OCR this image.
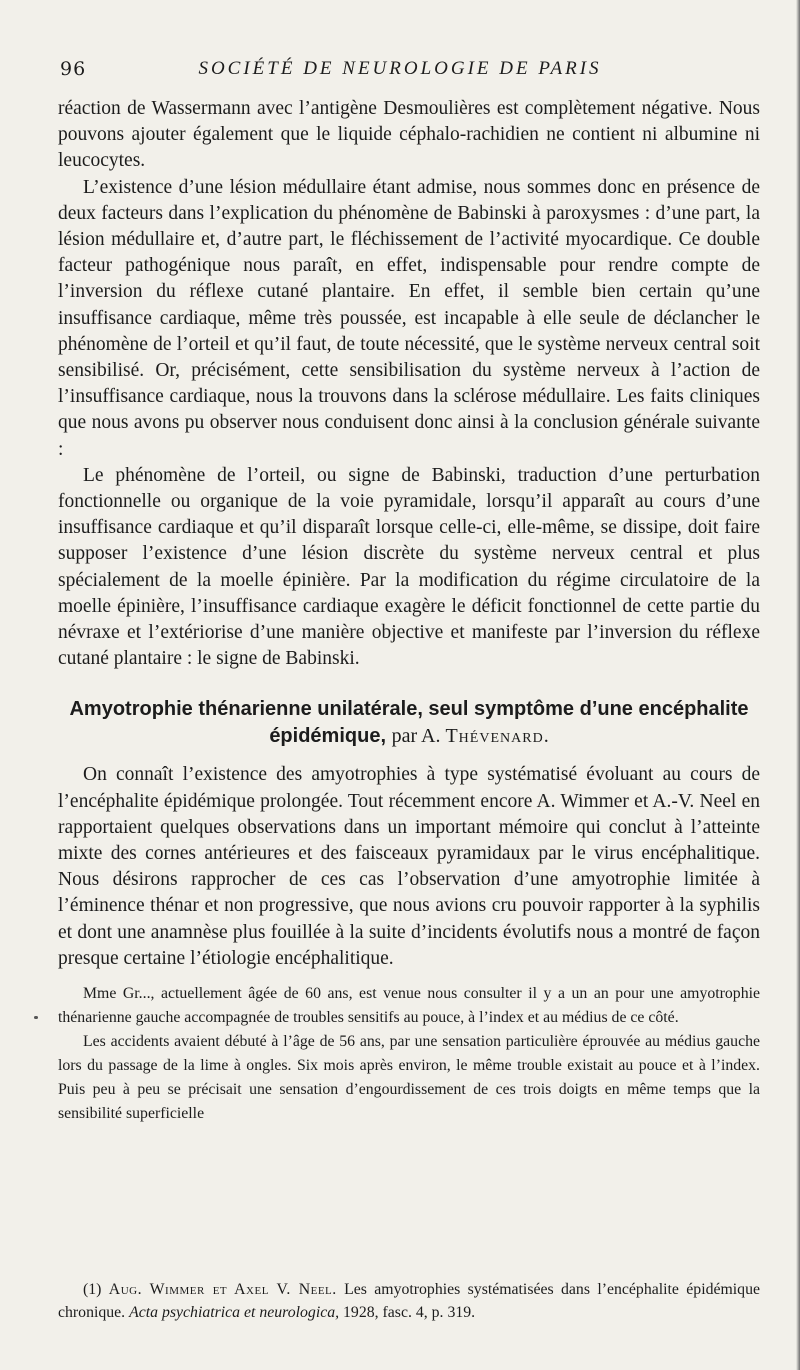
96	SOCIÉTÉ DE NEUROLOGIE DE PARIS

réaction de Wassermann avec l’antigène Desmoulières est complètement négative. Nous pouvons ajouter également que le liquide céphalo-rachidien ne contient ni albumine ni leucocytes.

L’existence d’une lésion médullaire étant admise, nous sommes donc en présence de deux facteurs dans l’explication du phénomène de Babinski à paroxysmes : d’une part, la lésion médullaire et, d’autre part, le fléchissement de l’activité myocardique. Ce double facteur pathogénique nous paraît, en effet, indispensable pour rendre compte de l’inversion du réflexe cutané plantaire. En effet, il semble bien certain qu’une insuffisance cardiaque, même très poussée, est incapable à elle seule de déclancher le phénomène de l’orteil et qu’il faut, de toute nécessité, que le système nerveux central soit sensibilisé. Or, précisément, cette sensibilisation du système nerveux à l’action de l’insuffisance cardiaque, nous la trouvons dans la sclérose médullaire. Les faits cliniques que nous avons pu observer nous conduisent donc ainsi à la conclusion générale suivante :

Le phénomène de l’orteil, ou signe de Babinski, traduction d’une perturbation fonctionnelle ou organique de la voie pyramidale, lorsqu’il apparaît au cours d’une insuffisance cardiaque et qu’il disparaît lorsque celle-ci, elle-même, se dissipe, doit faire supposer l’existence d’une lésion discrète du système nerveux central et plus spécialement de la moelle épinière. Par la modification du régime circulatoire de la moelle épinière, l’insuffisance cardiaque exagère le déficit fonctionnel de cette partie du névraxe et l’extériorise d’une manière objective et manifeste par l’inversion du réflexe cutané plantaire : le signe de Babinski.

Amyotrophie thénarienne unilatérale, seul symptôme d’une encéphalite épidémique, par A. Thévenard.

On connaît l’existence des amyotrophies à type systématisé évoluant au cours de l’encéphalite épidémique prolongée. Tout récemment encore A. Wimmer et A.-V. Neel en rapportaient quelques observations dans un important mémoire qui conclut à l’atteinte mixte des cornes antérieures et des faisceaux pyramidaux par le virus encéphalitique. Nous désirons rapprocher de ces cas l’observation d’une amyotrophie limitée à l’éminence thénar et non progressive, que nous avions cru pouvoir rapporter à la syphilis et dont une anamnèse plus fouillée à la suite d’incidents évolutifs nous a montré de façon presque certaine l’étiologie encéphalitique.

Mme Gr..., actuellement âgée de 60 ans, est venue nous consulter il y a un an pour une amyotrophie thénarienne gauche accompagnée de troubles sensitifs au pouce, à l’index et au médius de ce côté.

Les accidents avaient débuté à l’âge de 56 ans, par une sensation particulière éprouvée au médius gauche lors du passage de la lime à ongles. Six mois après environ, le même trouble existait au pouce et à l’index. Puis peu à peu se précisait une sensation d’engourdissement de ces trois doigts en même temps que la sensibilité superficielle

(1) Aug. Wimmer et Axel V. Neel. Les amyotrophies systématisées dans l’encéphalite épidémique chronique. Acta psychiatrica et neurologica, 1928, fasc. 4, p. 319.
